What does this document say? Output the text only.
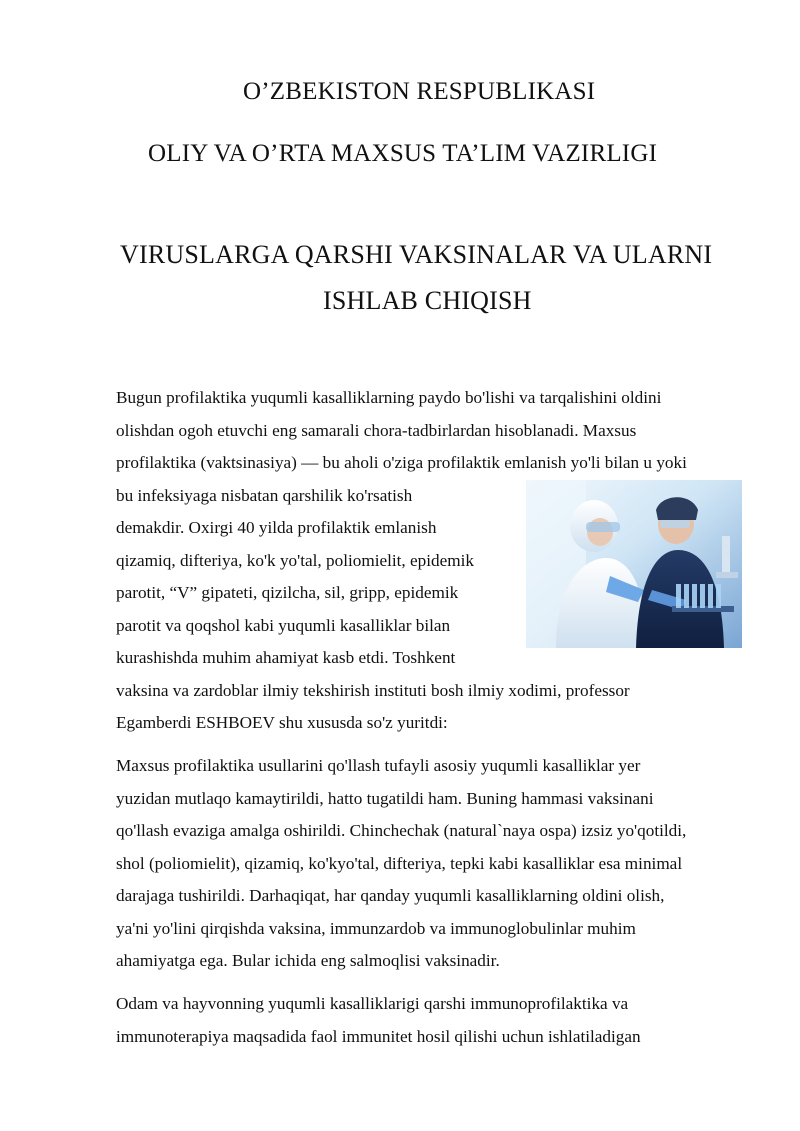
O’ZBEKISTON RESPUBLIKASI
OLIY VA O’RTA MAXSUS TA’LIM VAZIRLIGI
VIRUSLARGA QARSHI VAKSINALAR VA ULARNI
ISHLAB CHIQISH

Bugun profilaktika yuqumli kasalliklarning paydo bo'lishi va tarqalishini oldini

olishdan ogoh etuvchi eng samarali chora-tadbirlardan hisoblanadi. Maxsus

profilaktika (vaktsinasiya) — bu aholi o'ziga profilaktik emlanish yo'li bilan u yoki

bu infeksiyaga nisbatan qarshilik ko'rsatish

demakdir. Oxirgi 40 yilda profilaktik emlanish

qizamiq, difteriya, ko'k yo'tal, poliomielit, epidemik

parotit, “V” gipateti, qizilcha, sil, gripp, epidemik

parotit va qoqshol kabi yuqumli kasalliklar bilan

kurashishda muhim ahamiyat kasb etdi. Toshkent

vaksina va zardoblar ilmiy tekshirish instituti bosh ilmiy xodimi, professor

Egamberdi ESHBOEV shu xususda so'z yuritdi:

Maxsus profilaktika usullarini qo'llash tufayli asosiy yuqumli kasalliklar yer

yuzidan mutlaqo kamaytirildi, hatto tugatildi ham. Buning hammasi vaksinani

qo'llash evaziga amalga oshirildi. Chinchechak (natural`naya ospa) izsiz yo'qotildi,

shol (poliomielit), qizamiq, ko'kyo'tal, difteriya, tepki kabi kasalliklar esa minimal

darajaga tushirildi. Darhaqiqat, har qanday yuqumli kasalliklarning oldini olish,

ya'ni yo'lini qirqishda vaksina, immunzardob va immunoglobulinlar muhim

ahamiyatga ega. Bular ichida eng salmoqlisi vaksinadir.

Odam va hayvonning yuqumli kasalliklarigi qarshi immunoprofilaktika va

immunoterapiya maqsadida faol immunitet hosil qilishi uchun ishlatiladigan
